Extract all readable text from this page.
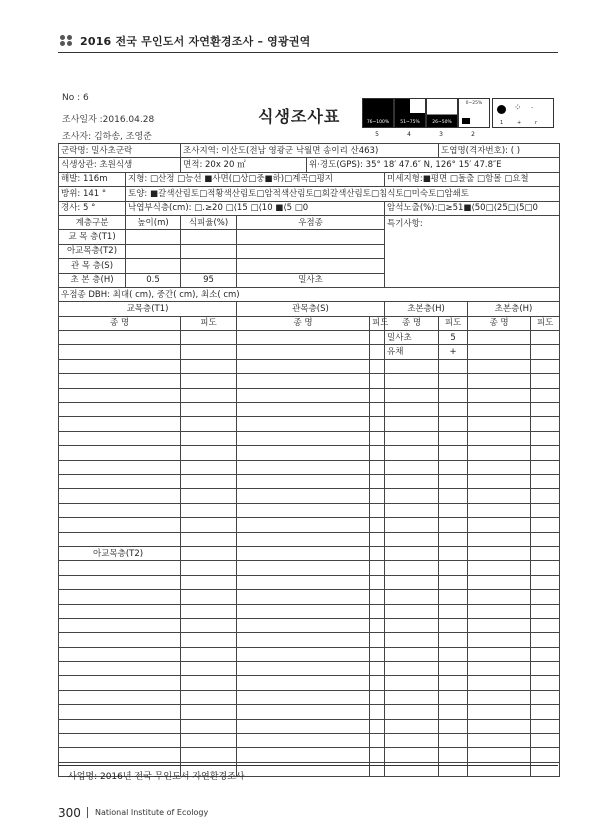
2016 전국 무인도서 자연환경조사 – 영광권역
No : 6
조사일자 :2016.04.28
조사자: 김하송, 조영준
식생조사표	76~100%	51~75%	26~50%
0~25%	⁘ ·
1	+	r
5	4	3	2
군락명: 밀사초군락		조사지역: 이산도(전남 영광군 낙월면 송이리 산463)					도엽명(격자번호): ( )		
식생상관: 초원식생		면적: 20x 20 ㎡		위·경도(GPS): 35° 18′ 47.6″ N, 126° 15′ 47.8″E					
해발: 116m	지형: □산정 □능선 ■사면(□상□중■하)□계곡□평지					미세지형:■평면 □돌출 □함몰 □요철			
방위: 141 °	토양: ■갈색산림토□적황색산림토□암적색산림토□회갈색산림토□침식토□미숙토□암쇄토								
경사: 5 °	낙엽부식층(cm): □.≥20 □⟨15 □⟨10 ■⟨5 □0					암석노출(%):□≥51■⟨50□⟨25□⟨5□0			
계층구분	높이(m)	식피율(%)	우점종			특기사항:			
교 목 층(T1)									
아교목층(T2)									
관 목 층(S)									
초 본 층(H)	0.5	95	밀사초						
우점종 DBH: 최대( cm), 중간( cm), 최소( cm)									
교목층(T1)			관목층(S)			초본층(H)		초본층(H)	
종 명		피도	종 명		피도	종 명	피도	종 명	피도
						밀사초	5		
						유채	+		

아교목층(T2)									

사업명: 2016년 전국 무인도서 자연환경조사
300 National Institute of Ecology
